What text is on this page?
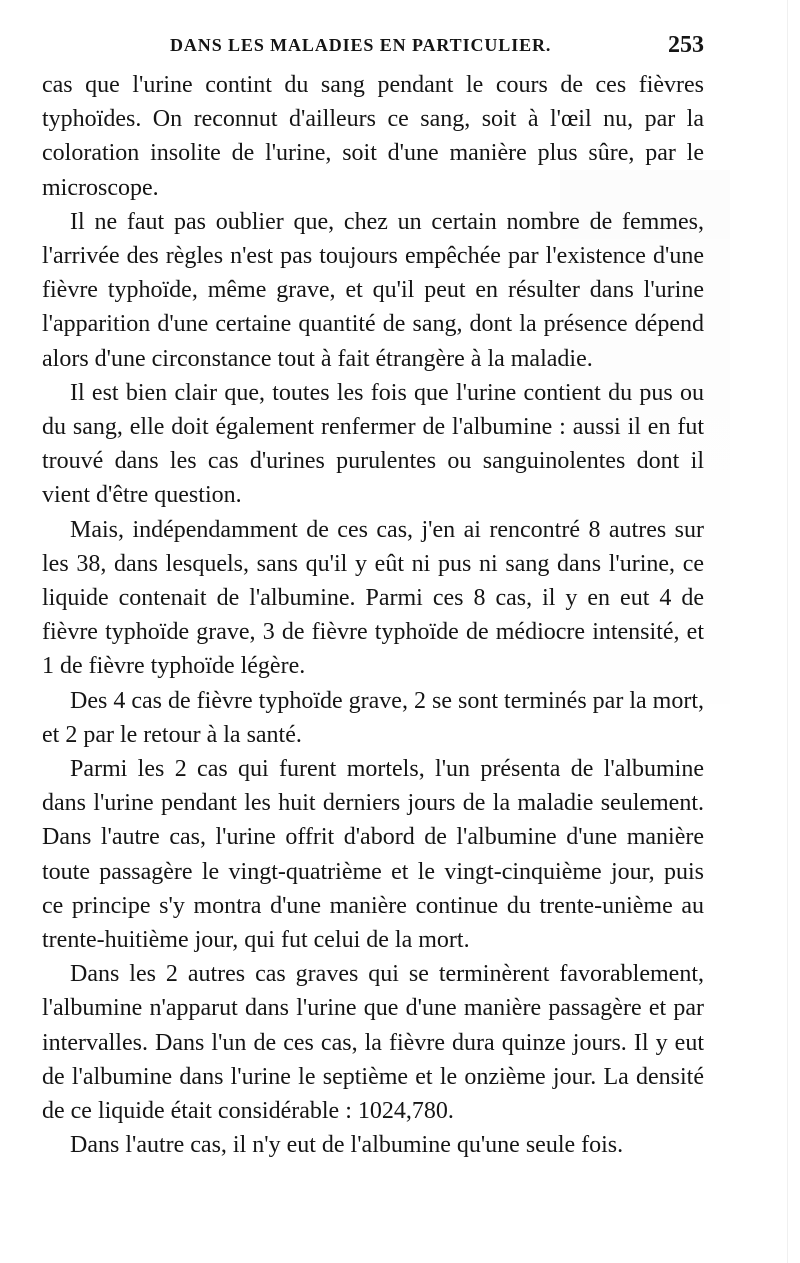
DANS LES MALADIES EN PARTICULIER.	253

cas que l'urine contint du sang pendant le cours de ces fièvres typhoïdes. On reconnut d'ailleurs ce sang, soit à l'œil nu, par la coloration insolite de l'urine, soit d'une manière plus sûre, par le microscope.

Il ne faut pas oublier que, chez un certain nombre de femmes, l'arrivée des règles n'est pas toujours empêchée par l'existence d'une fièvre typhoïde, même grave, et qu'il peut en résulter dans l'urine l'apparition d'une certaine quantité de sang, dont la présence dépend alors d'une circonstance tout à fait étrangère à la maladie.

Il est bien clair que, toutes les fois que l'urine contient du pus ou du sang, elle doit également renfermer de l'albumine : aussi il en fut trouvé dans les cas d'urines purulentes ou sanguinolentes dont il vient d'être question.

Mais, indépendamment de ces cas, j'en ai rencontré 8 autres sur les 38, dans lesquels, sans qu'il y eût ni pus ni sang dans l'urine, ce liquide contenait de l'albumine. Parmi ces 8 cas, il y en eut 4 de fièvre typhoïde grave, 3 de fièvre typhoïde de médiocre intensité, et 1 de fièvre typhoïde légère.

Des 4 cas de fièvre typhoïde grave, 2 se sont terminés par la mort, et 2 par le retour à la santé.

Parmi les 2 cas qui furent mortels, l'un présenta de l'albumine dans l'urine pendant les huit derniers jours de la maladie seulement. Dans l'autre cas, l'urine offrit d'abord de l'albumine d'une manière toute passagère le vingt-quatrième et le vingt-cinquième jour, puis ce principe s'y montra d'une manière continue du trente-unième au trente-huitième jour, qui fut celui de la mort.

Dans les 2 autres cas graves qui se terminèrent favorablement, l'albumine n'apparut dans l'urine que d'une manière passagère et par intervalles. Dans l'un de ces cas, la fièvre dura quinze jours. Il y eut de l'albumine dans l'urine le septième et le onzième jour. La densité de ce liquide était considérable : 1024,780.

Dans l'autre cas, il n'y eut de l'albumine qu'une seule fois.
